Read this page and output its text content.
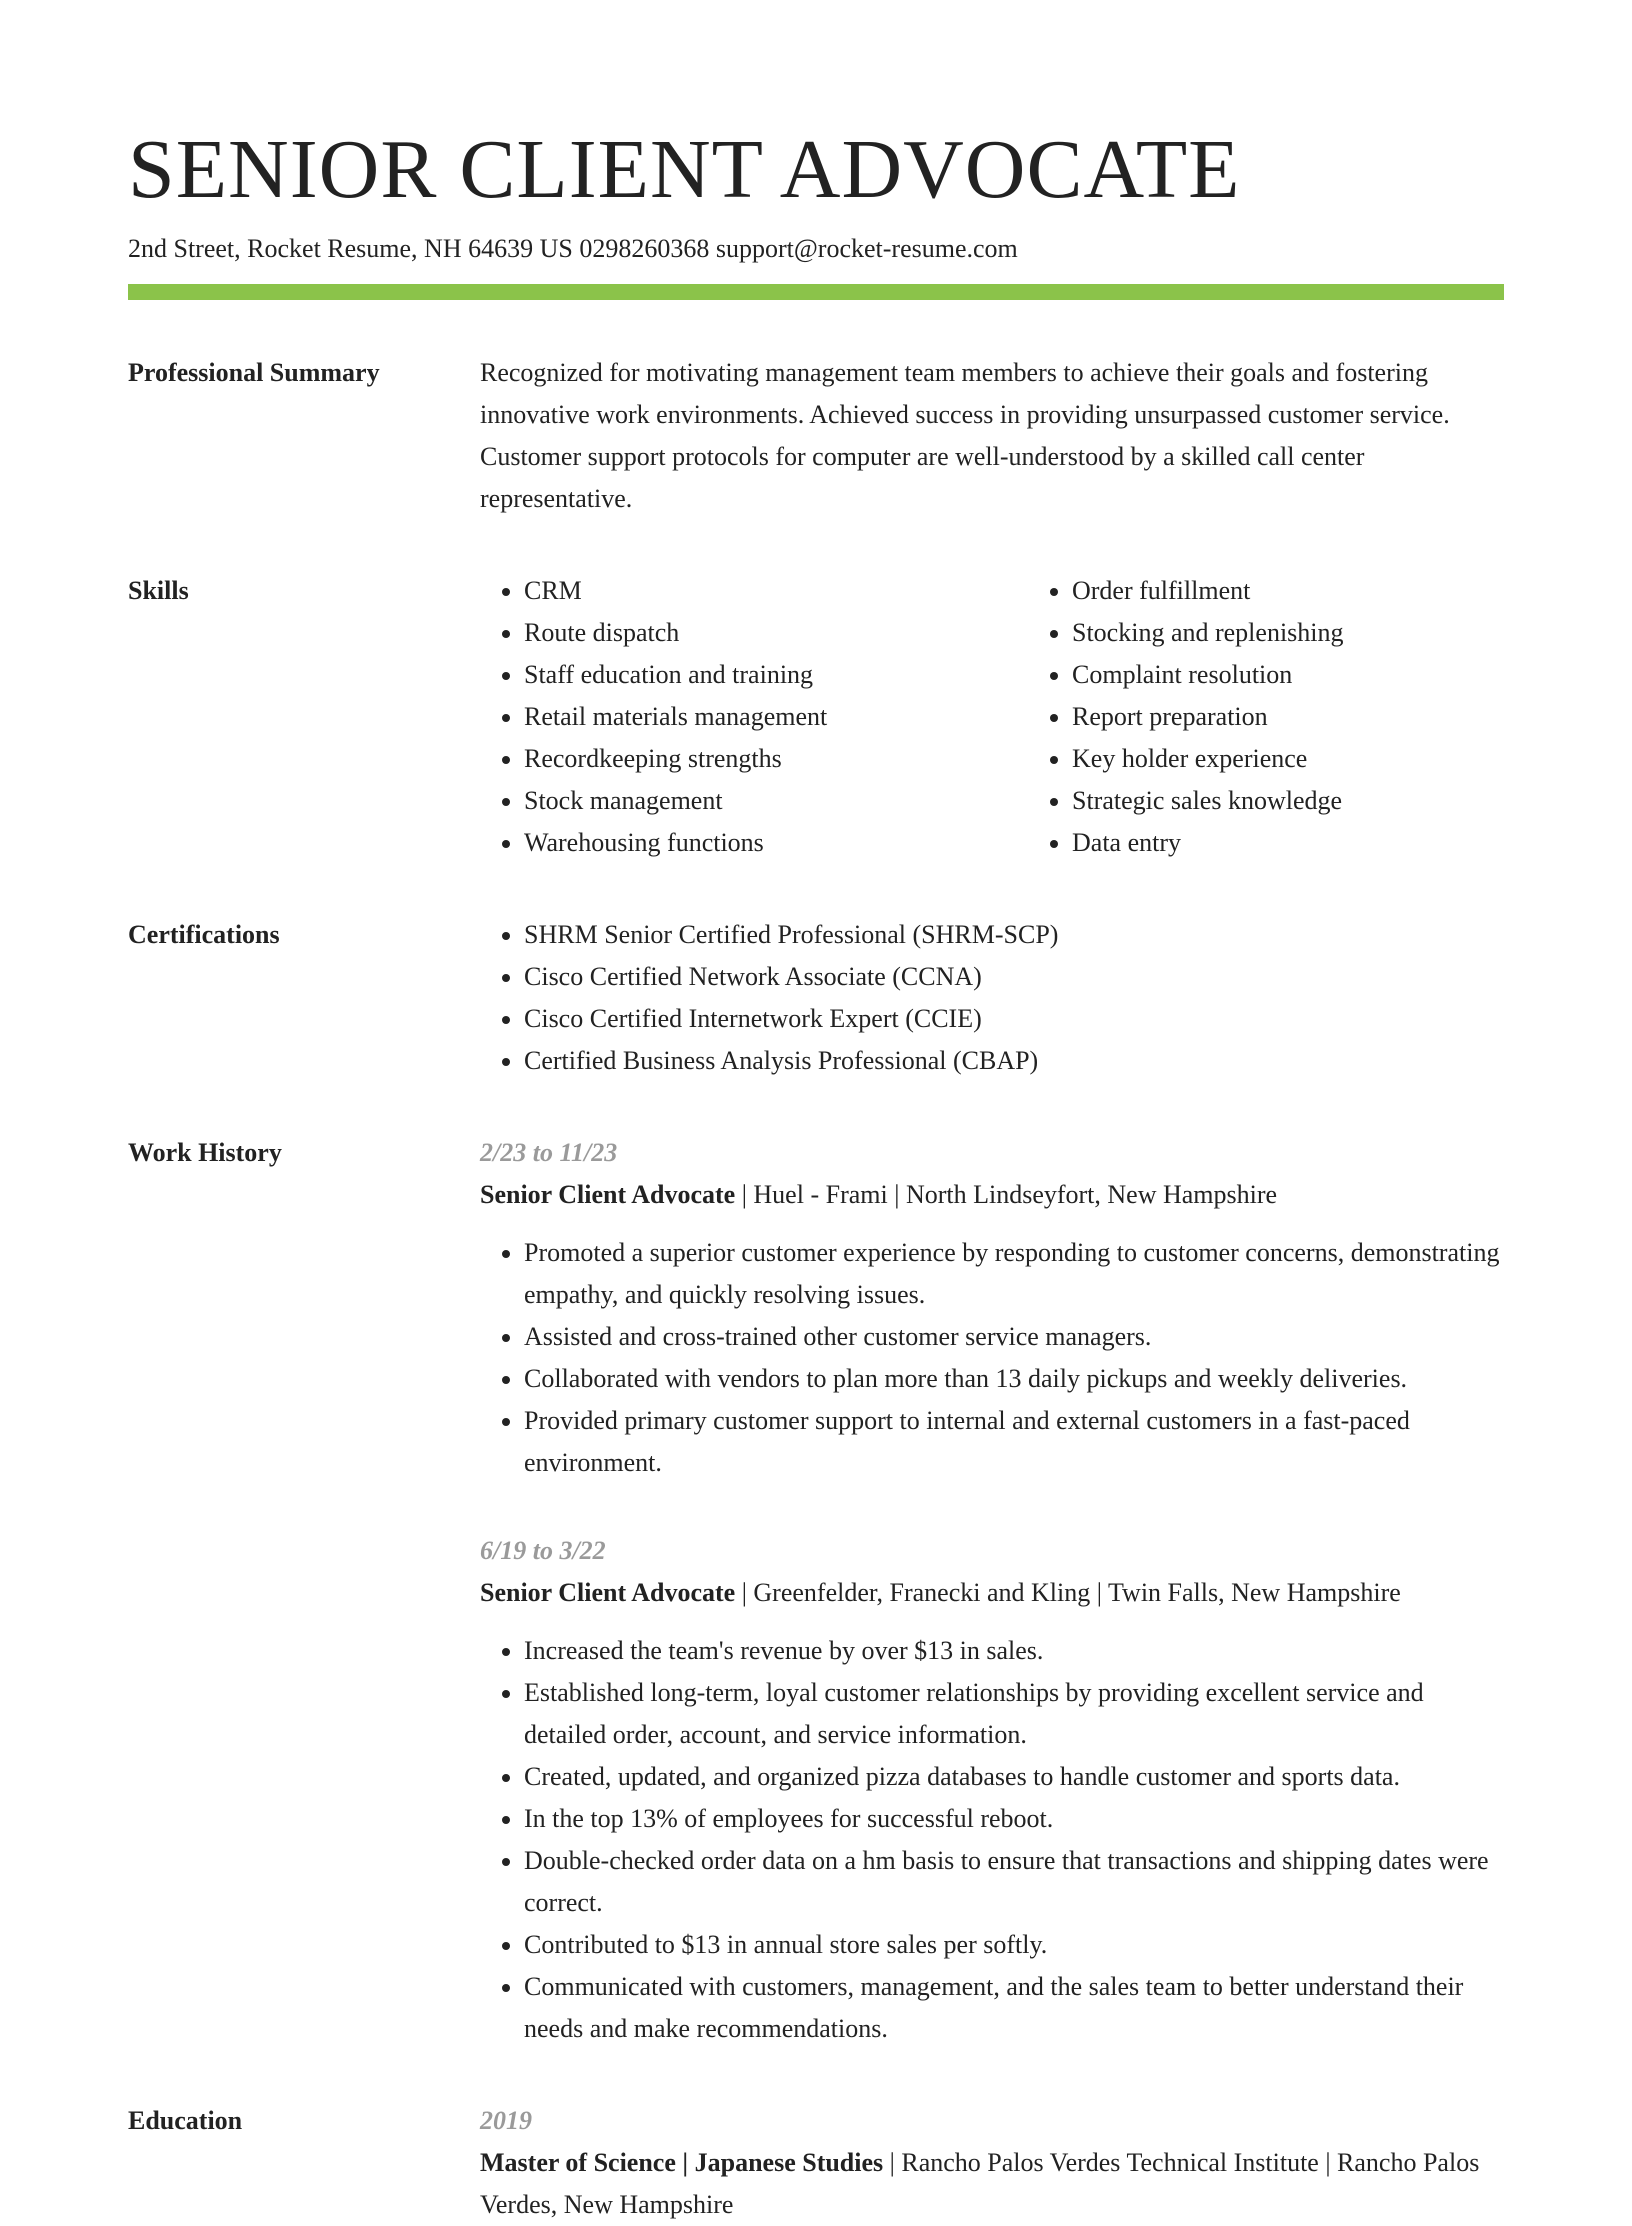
SENIOR CLIENT ADVOCATE
2nd Street, Rocket Resume, NH 64639 US 0298260368 support@rocket-resume.com
Professional Summary	Recognized for motivating management team members to achieve their goals and fostering innovative work environments. Achieved success in providing unsurpassed customer service. Customer support protocols for computer are well-understood by a skilled call center representative.

Skills	• CRM
• Route dispatch
• Staff education and training
• Retail materials management
• Recordkeeping strengths
• Stock management
• Warehousing functions
• Order fulfillment
• Stocking and replenishing
• Complaint resolution
• Report preparation
• Key holder experience
• Strategic sales knowledge
• Data entry
Certifications	• SHRM Senior Certified Professional (SHRM-SCP)
• Cisco Certified Network Associate (CCNA)
• Cisco Certified Internetwork Expert (CCIE)
• Certified Business Analysis Professional (CBAP)
Work History	2/23 to 11/23
Senior Client Advocate | Huel - Frami | North Lindseyfort, New Hampshire
• Promoted a superior customer experience by responding to customer concerns, demonstrating empathy, and quickly resolving issues.
• Assisted and cross-trained other customer service managers.
• Collaborated with vendors to plan more than 13 daily pickups and weekly deliveries.
• Provided primary customer support to internal and external customers in a fast-paced environment.
6/19 to 3/22
Senior Client Advocate | Greenfelder, Franecki and Kling | Twin Falls, New Hampshire
• Increased the team's revenue by over $13 in sales.
• Established long-term, loyal customer relationships by providing excellent service and detailed order, account, and service information.
• Created, updated, and organized pizza databases to handle customer and sports data.
• In the top 13% of employees for successful reboot.
• Double-checked order data on a hm basis to ensure that transactions and shipping dates were correct.
• Contributed to $13 in annual store sales per softly.
• Communicated with customers, management, and the sales team to better understand their needs and make recommendations.
Education	2019
Master of Science | Japanese Studies | Rancho Palos Verdes Technical Institute | Rancho Palos Verdes, New Hampshire
